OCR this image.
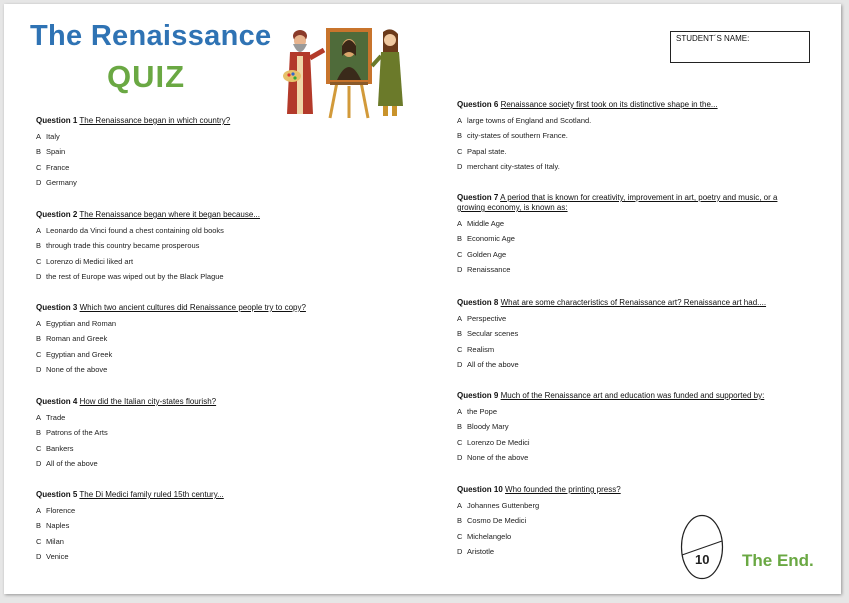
The Renaissance
QUIZ
STUDENT´S NAME:
Question 1 The Renaissance began in which country?
A Italy
B Spain
C France
D Germany
Question 2 The Renaissance began where it began because...
A Leonardo da Vinci found a chest containing old books
B through trade this country became prosperous
C Lorenzo di Medici liked art
D the rest of Europe was wiped out by the Black Plague
Question 3 Which two ancient cultures did Renaissance people try to copy?
A Egyptian and Roman
B Roman and Greek
C Egyptian and Greek
D None of the above
Question 4 How did the Italian city-states flourish?
A Trade
B Patrons of the Arts
C Bankers
D All of the above
Question 5 The Di Medici family ruled 15th century...
A Florence
B Naples
C Milan
D Venice
Question 6 Renaissance society first took on its distinctive shape in the...
A large towns of England and Scotland.
B city-states of southern France.
C Papal state.
D merchant city-states of Italy.
Question 7 A period that is known for creativity, improvement in art, poetry and music, or a growing economy, is known as:
A Middle Age
B Economic Age
C Golden Age
D Renaissance
Question 8 What are some characteristics of Renaissance art? Renaissance art had....
A Perspective
B Secular scenes
C Realism
D All of the above
Question 9 Much of the Renaissance art and education was funded and supported by:
A the Pope
B Bloody Mary
C Lorenzo De Medici
D None of the above
Question 10 Who founded the printing press?
A Johannes Guttenberg
B Cosmo De Medici
C Michelangelo
D Aristotle
10 The End.
